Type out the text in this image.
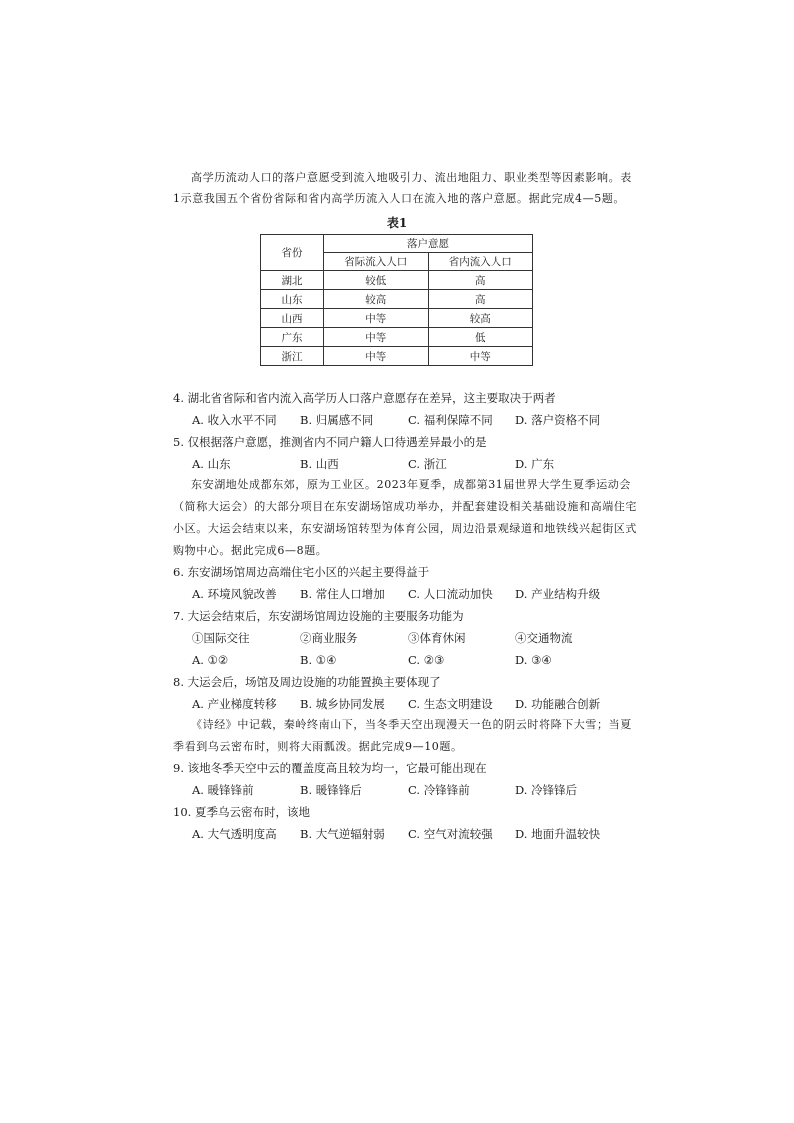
高学历流动人口的落户意愿受到流入地吸引力、流出地阻力、职业类型等因素影响。表
1示意我国五个省份省际和省内高学历流入人口在流入地的落户意愿。据此完成4—5题。
表1
省份	落户意愿	
	省际流入人口	省内流入人口
湖北	较低	高
山东	较高	高
山西	中等	较高
广东	中等	低
浙江	中等	中等
4. 湖北省省际和省内流入高学历人口落户意愿存在差异，这主要取决于两者
A. 收入水平不同 B. 归属感不同	C. 福利保障不同 D. 落户资格不同
5. 仅根据落户意愿，推测省内不同户籍人口待遇差异最小的是
A. 山东	B. 山西	C. 浙江	D. 广东
东安湖地处成都东郊，原为工业区。2023年夏季，成都第31届世界大学生夏季运动会
（简称大运会）的大部分项目在东安湖场馆成功举办，并配套建设相关基础设施和高端住宅
小区。大运会结束以来，东安湖场馆转型为体育公园，周边沿景观绿道和地铁线兴起街区式
购物中心。据此完成6—8题。
6. 东安湖场馆周边高端住宅小区的兴起主要得益于
A. 环境风貌改善 B. 常住人口增加 C. 人口流动加快 D. 产业结构升级
7. 大运会结束后，东安湖场馆周边设施的主要服务功能为
①国际交往	②商业服务	③体育休闲	④交通物流
A. ①②	B. ①④	C. ②③	D. ③④
8. 大运会后，场馆及周边设施的功能置换主要体现了
A. 产业梯度转移 B. 城乡协同发展 C. 生态文明建设 D. 功能融合创新
《诗经》中记载，秦岭终南山下，当冬季天空出现漫天一色的阴云时将降下大雪；当夏
季看到乌云密布时，则将大雨瓢泼。据此完成9—10题。
9. 该地冬季天空中云的覆盖度高且较为均一，它最可能出现在
A. 暖锋锋前	B. 暖锋锋后	C. 冷锋锋前	D. 冷锋锋后
10. 夏季乌云密布时，该地
A. 大气透明度高 B. 大气逆辐射弱 C. 空气对流较强 D. 地面升温较快
